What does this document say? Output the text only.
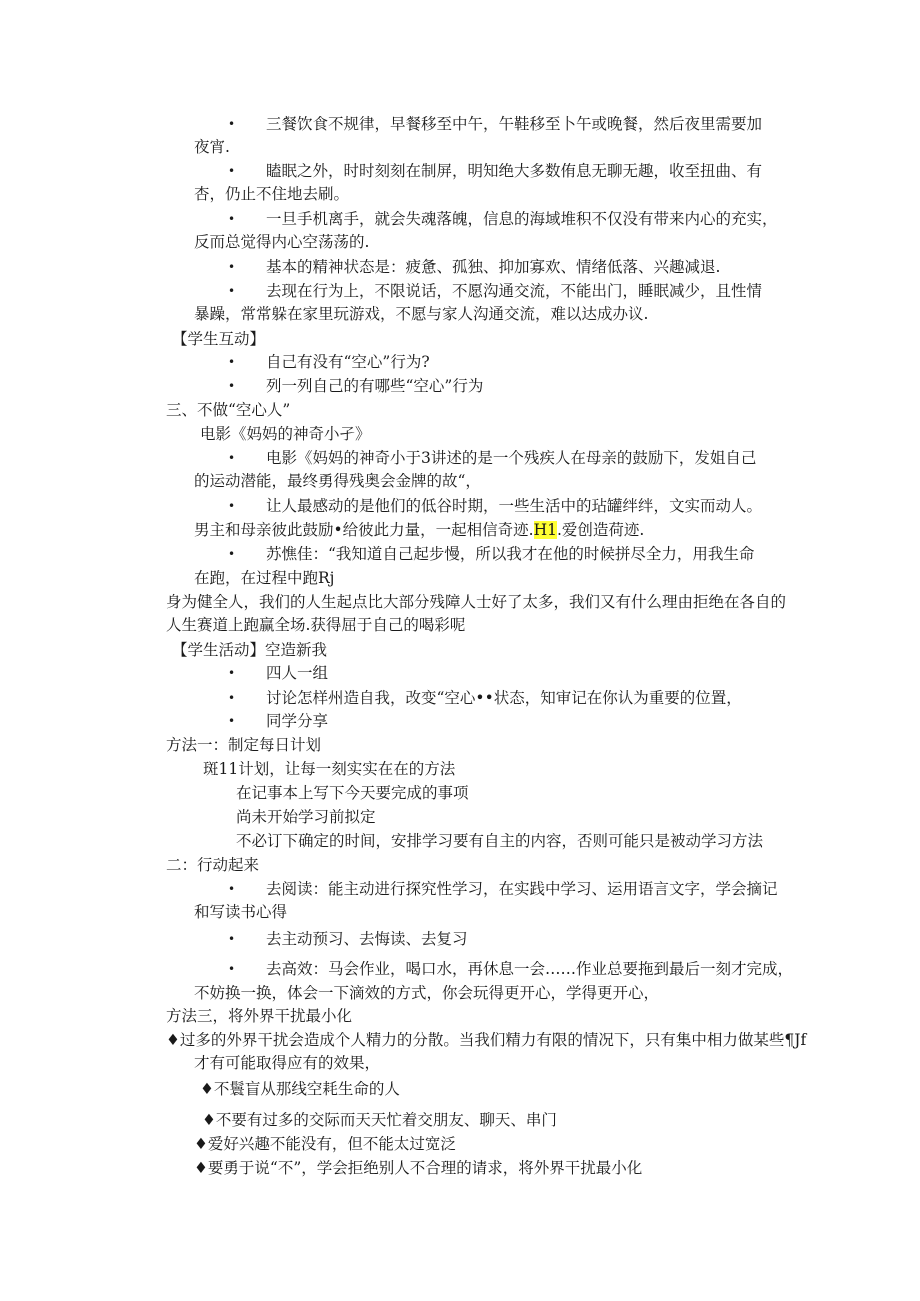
• 三餐饮食不规律，早餐移至中午，午鞋移至卜午或晚餐，然后夜里需要加
夜宵.
• 瞌眠之外，时时刻刻在制屏，明知绝大多数侑息无聊无趣，收至扭曲、有
杏，仍止不住地去刷。
• 一旦手机离手，就会失魂落魄，信息的海域堆积不仅没有带来内心的充实，
反而总觉得内心空荡荡的.
• 基本的精神状态是：疲惫、孤独、抑加寡欢、情绪低落、兴趣减退.
• 去现在行为上，不限说话，不愿沟通交流，不能出门，睡眠减少，且性情
暴躁，常常躲在家里玩游戏，不愿与家人沟通交流，难以达成办议.
【学生互动】
• 自己有没有“空心”行为?
• 列一列自己的有哪些“空心”行为
三、不做“空心人”
电影《妈妈的神奇小孑》
• 电影《妈妈的神奇小于3讲述的是一个残疾人在母亲的鼓励下，发姐自己
的运动潜能，最终勇得残奥会金牌的故“，
• 让人最感动的是他们的低谷时期，一些生活中的玷罐绊绊，文实而动人。
男主和母亲彼此鼓励•给彼此力量，一起相信奇迹.H1.爱创造荷迹.
• 苏憔佳：“我知道自己起步慢，所以我才在他的时候拼尽全力，用我生命
在跑，在过程中跑Rj
身为健全人，我们的人生起点比大部分残障人士好了太多，我们又有什么理由拒绝在各自的
人生赛道上跑赢全场.获得屈于自己的喝彩呢
【学生活动】空造新我
• 四人一组
• 讨论怎样州造自我，改变“空心••状态，知审记在你认为重要的位置，
• 同学分享
方法一：制定每日计划
斑11计划，让每一刻实实在在的方法
在记事本上写下今天要完成的事项
尚未开始学习前拟定
不必订下确定的时间，安排学习要有自主的内容，否则可能只是被动学习方法
二：行动起来
• 去阅读：能主动进行探究性学习，在实践中学习、运用语言文字，学会摘记
和写读书心得
• 去主动预习、去悔读、去复习
• 去高效：马会作业，喝口水，再休息一会……作业总要拖到最后一刻才完成，
不妨换一换，体会一下滴效的方式，你会玩得更开心，学得更开心，
方法三，将外界干扰最小化
♦过多的外界干扰会造成个人精力的分散。当我们精力有限的情况下，只有集中相力做某些¶Jf
才有可能取得应有的效果，
♦不鬟盲从那线空耗生命的人
♦不要有过多的交际而天天忙着交朋友、聊天、串门
♦爱好兴趣不能没有，但不能太过宽泛
♦要勇于说“不”，学会拒绝别人不合理的请求，将外界干扰最小化
